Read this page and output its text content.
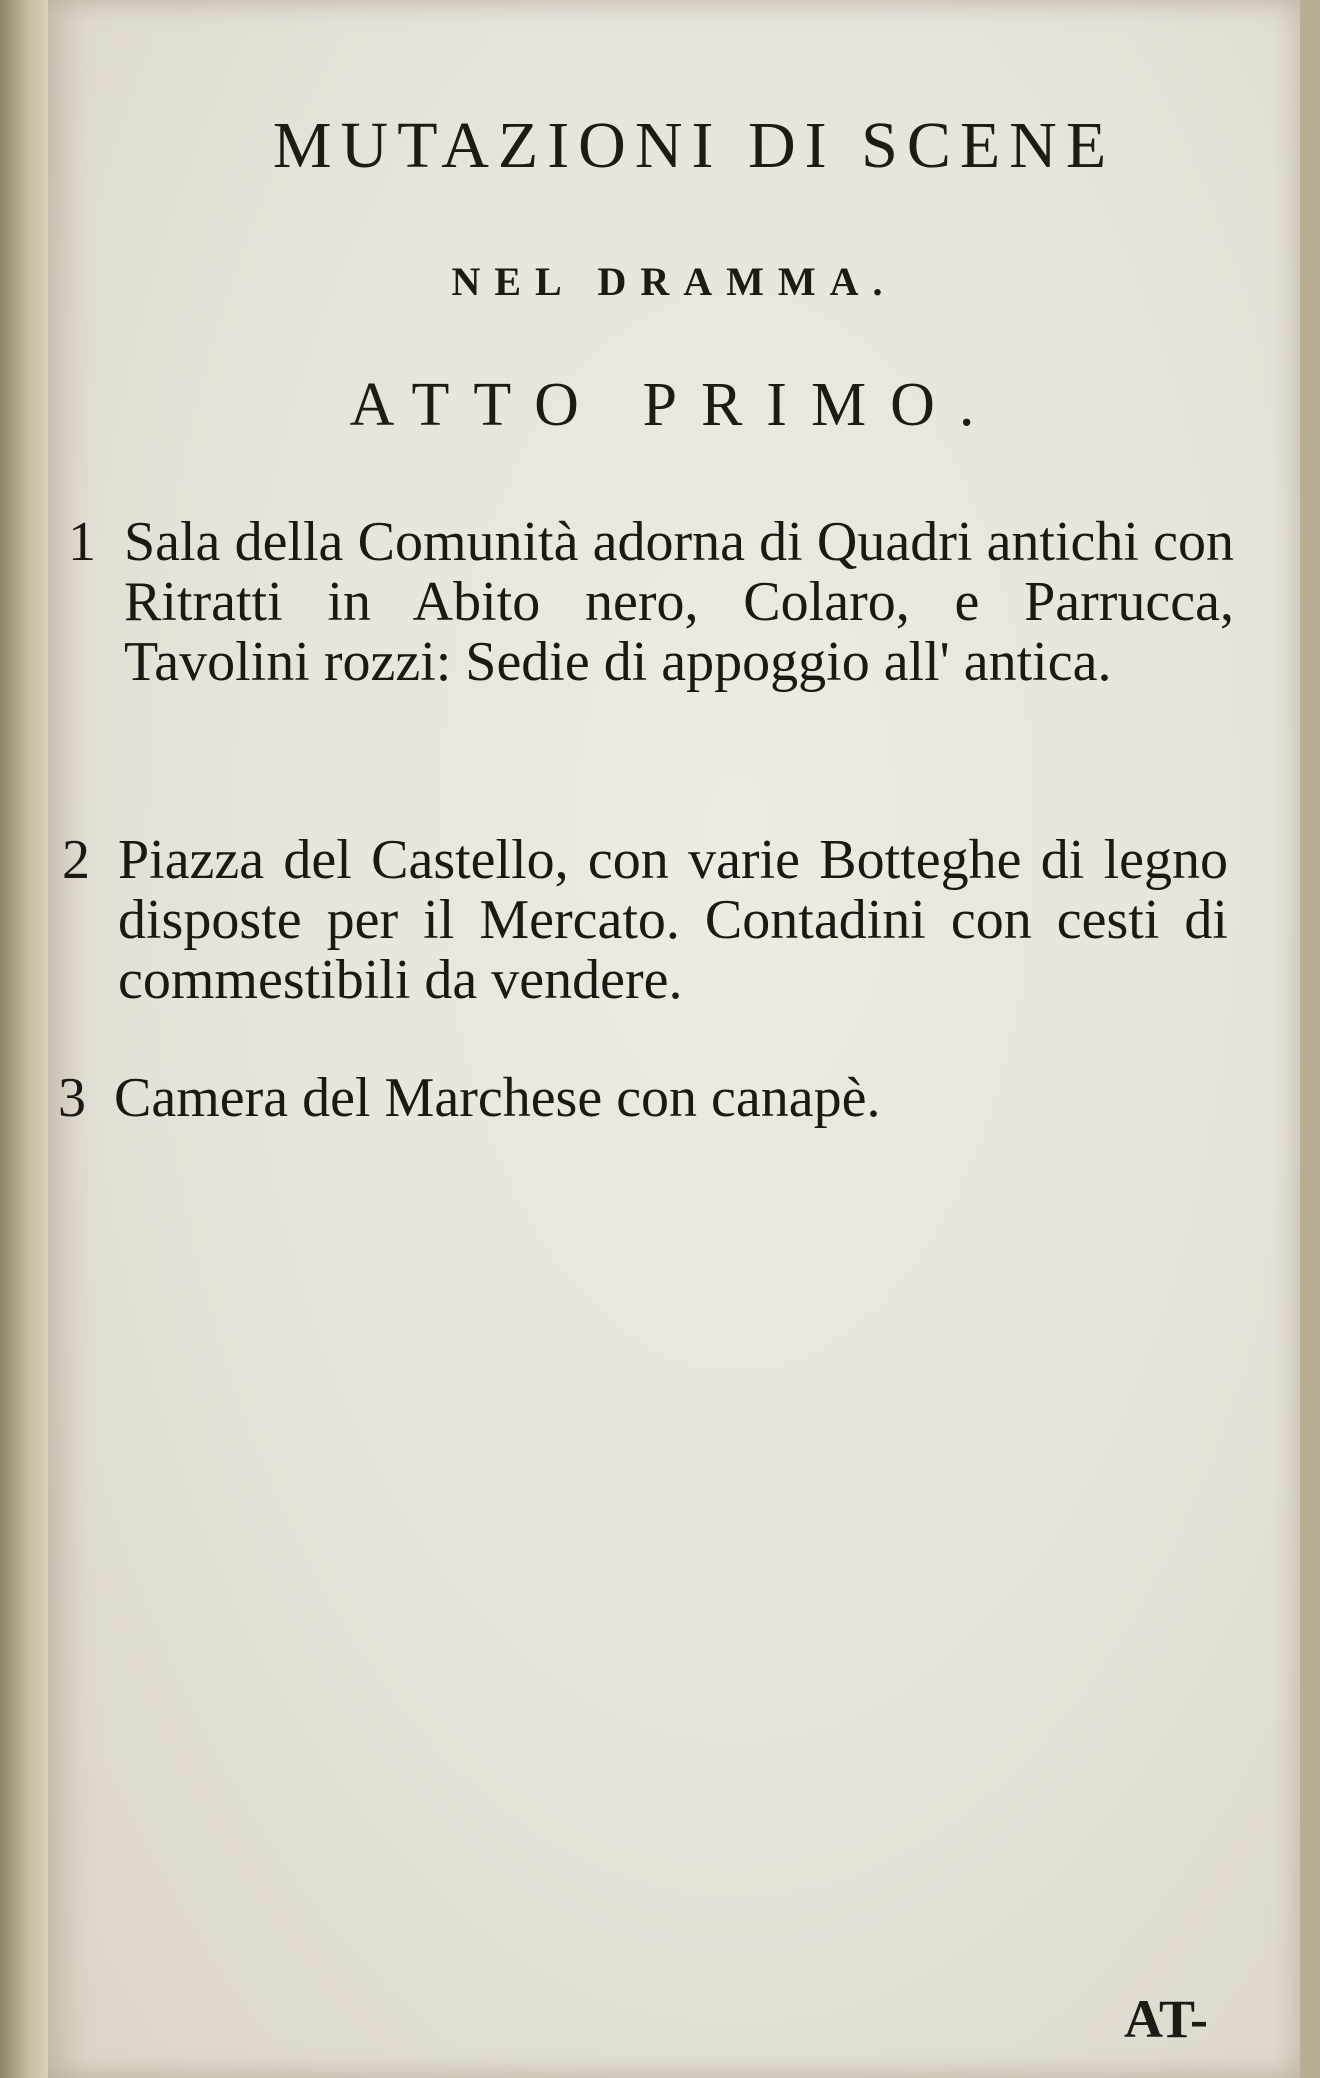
MUTAZIONI DI SCENE
NEL DRAMMA.
ATTO PRIMO.
1 Sala della Comunità adorna di Quadri antichi con Ritratti in Abito nero, Colaro, e Parrucca, Tavolini rozzi: Sedie di appoggio all' antica.
2 Piazza del Castello, con varie Botteghe di legno disposte per il Mercato. Contadini con cesti di commestibili da vendere.
3 Camera del Marchese con canapè.
AT-
